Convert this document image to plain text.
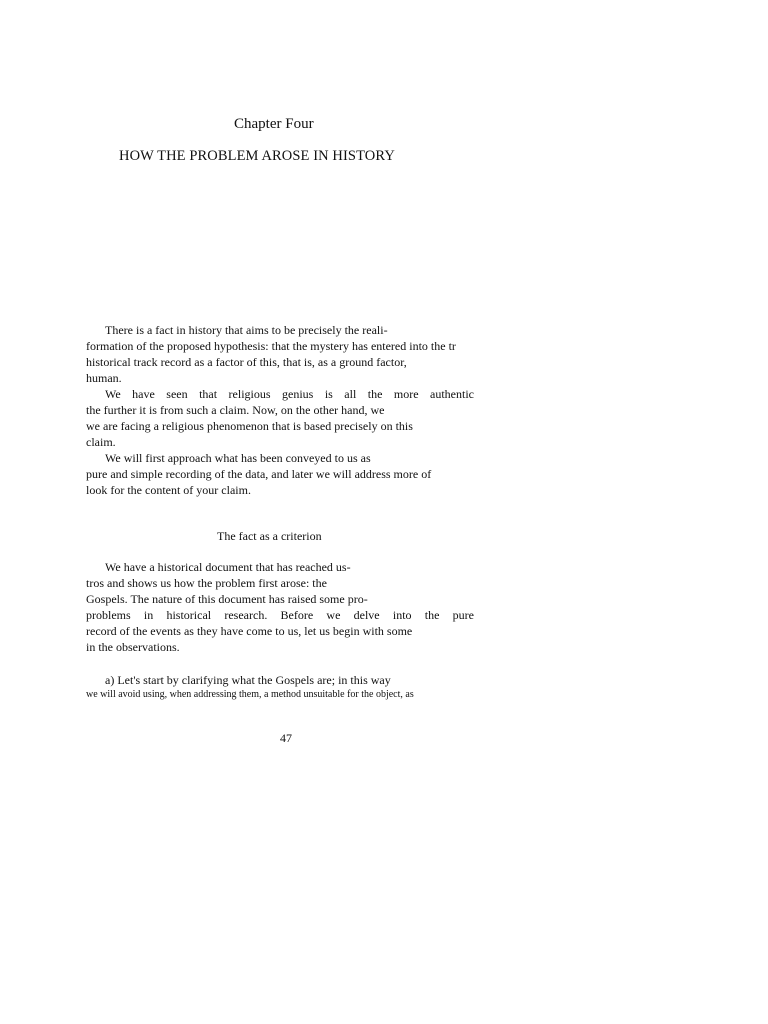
Chapter Four
HOW THE PROBLEM AROSE IN HISTORY
There is a fact in history that aims to be precisely the reali-
formation of the proposed hypothesis: that the mystery has entered into the tr
historical track record as a factor of this, that is, as a ground factor,
human.
We have seen that religious genius is all the more authentic
the further it is from such a claim. Now, on the other hand, we
we are facing a religious phenomenon that is based precisely on this
claim.
We will first approach what has been conveyed to us as
pure and simple recording of the data, and later we will address more of
look for the content of your claim.
The fact as a criterion
We have a historical document that has reached us-
tros and shows us how the problem first arose: the
Gospels. The nature of this document has raised some pro-
problems in historical research. Before we delve into the pure
record of the events as they have come to us, let us begin with some
in the observations.
a) Let's start by clarifying what the Gospels are; in this way
we will avoid using, when addressing them, a method unsuitable for the object, as
47
